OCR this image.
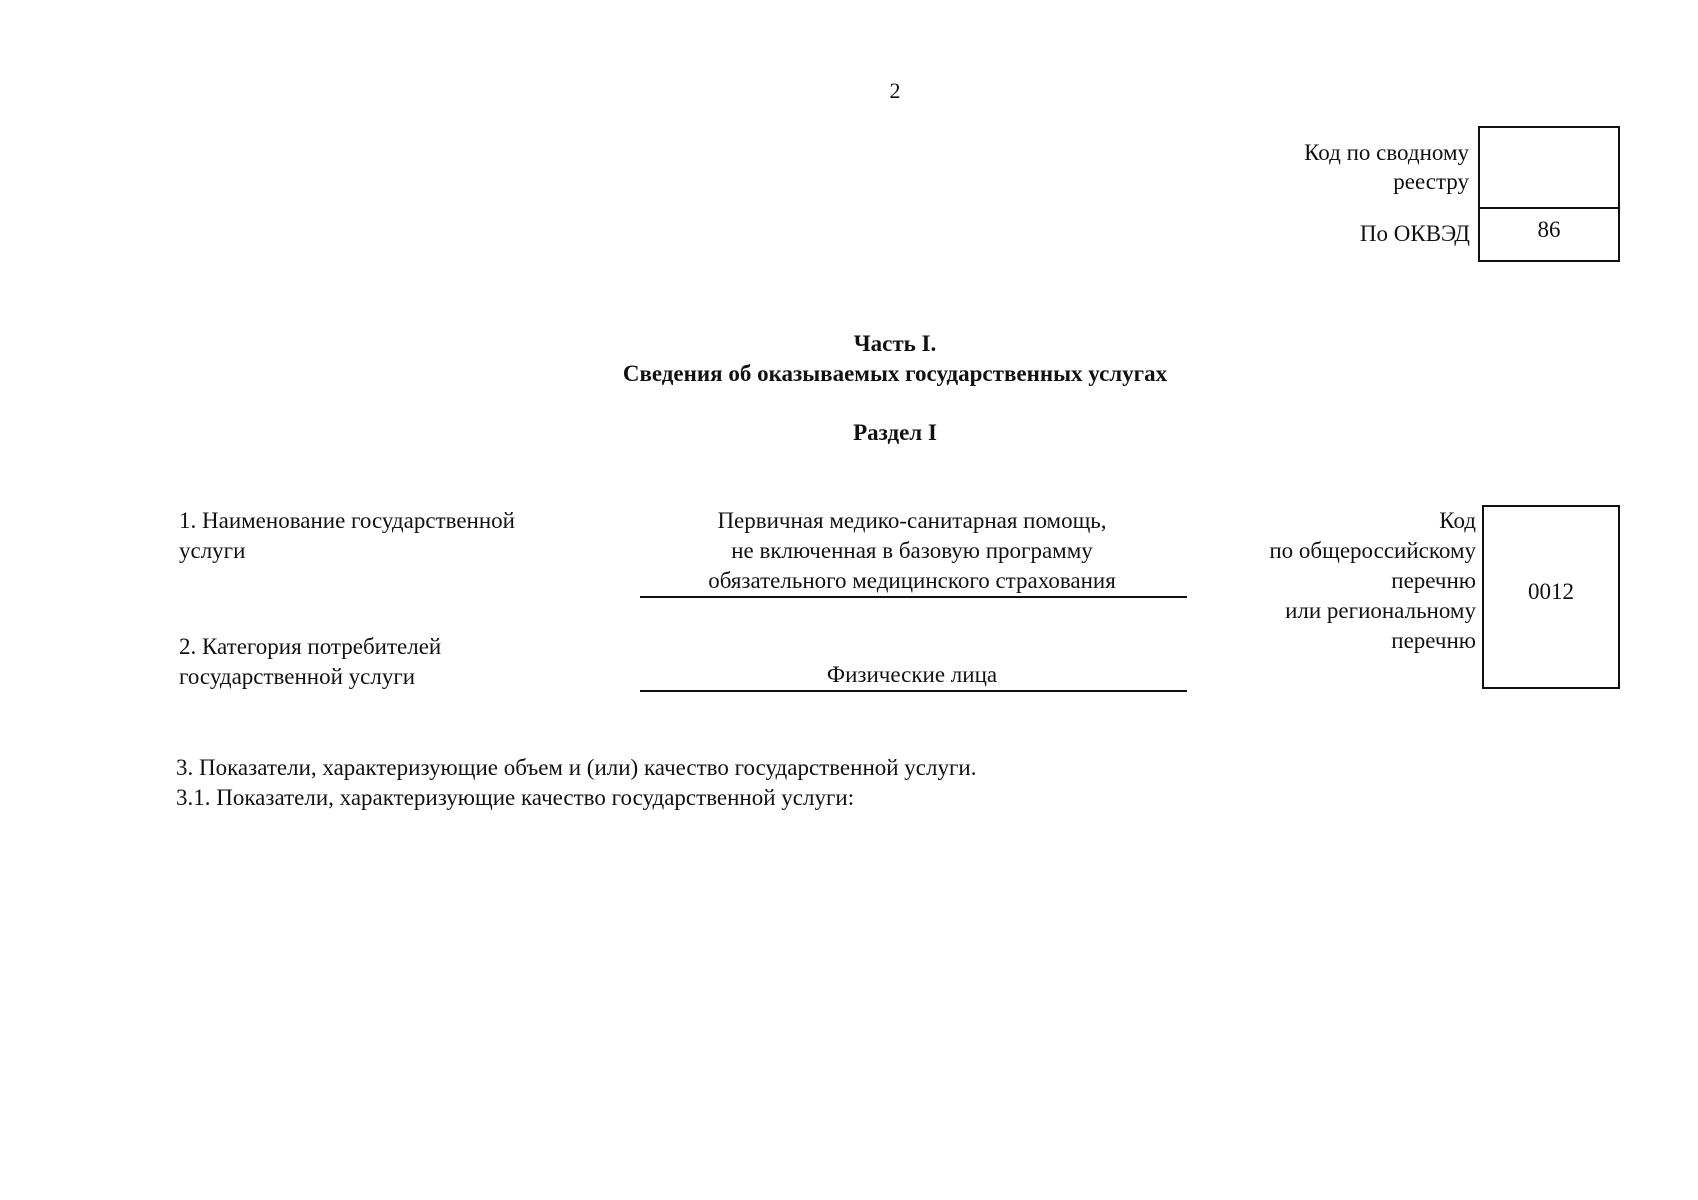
2
Код по сводному реестру
По ОКВЭД	86
Часть I.
Сведения об оказываемых государственных услугах
Раздел I
1. Наименование государственной
услуги
Первичная медико-санитарная помощь,
не включенная в базовую программу
обязательного медицинского страхования
2. Категория потребителей
государственной услуги	Физические лица
Код
по общероссийскому
перечню
или региональному
перечню
0012
3. Показатели, характеризующие объем и (или) качество государственной услуги.
3.1. Показатели, характеризующие качество государственной услуги:
